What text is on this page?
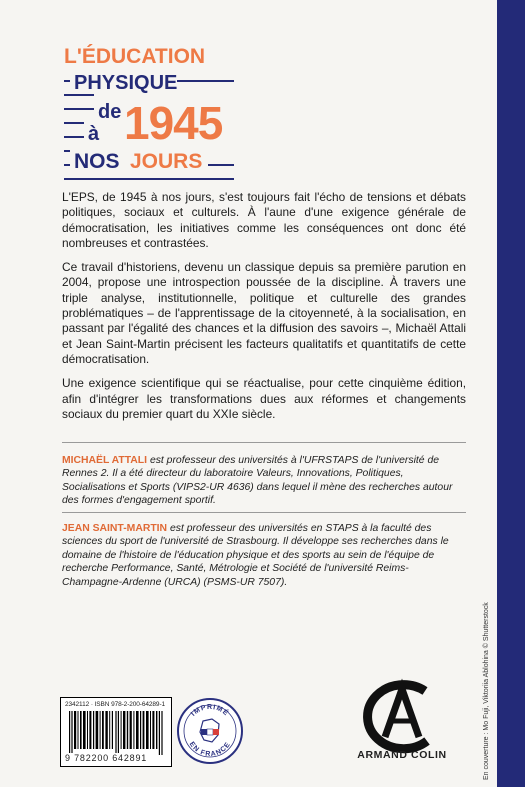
L'ÉDUCATION
PHYSIQUE
de
à 1945
NOS JOURS

L'EPS, de 1945 à nos jours, s'est toujours fait l'écho de tensions et débats politiques, sociaux et culturels. À l'aune d'une exigence générale de démocratisation, les initiatives comme les conséquences ont donc été nombreuses et contrastées.

Ce travail d'historiens, devenu un classique depuis sa première parution en 2004, propose une introspection poussée de la discipline. À travers une triple analyse, institutionnelle, politique et culturelle des grandes problématiques – de l'apprentissage de la citoyenneté, à la socialisation, en passant par l'égalité des chances et la diffusion des savoirs –, Michaël Attali et Jean Saint-Martin précisent les facteurs qualitatifs et quantitatifs de cette démocratisation.

Une exigence scientifique qui se réactualise, pour cette cinquième édition, afin d'intégrer les transformations dues aux réformes et changements sociaux du premier quart du XXIe siècle.

MICHAËL ATTALI est professeur des universités à l'UFRSTAPS de l'université de Rennes 2. Il a été directeur du laboratoire Valeurs, Innovations, Politiques, Socialisations et Sports (VIPS2-UR 4636) dans lequel il mène des recherches autour des formes d'engagement sportif.
JEAN SAINT-MARTIN est professeur des universités en STAPS à la faculté des sciences du sport de l'université de Strasbourg. Il développe ses recherches dans le domaine de l'histoire de l'éducation physique et des sports au sein de l'équipe de recherche Performance, Santé, Métrologie et Société de l'université Reims-Champagne-Ardenne (URCA) (PSMS-UR 7507).
2342112 · ISBN 978-2-200-64289-1
9 782200 642891
IMPRIMÉ
EN FRANCE
ARMAND COLIN	En couverture : Mo Fuji, Viktoriia Ablohina © Shutterstock
